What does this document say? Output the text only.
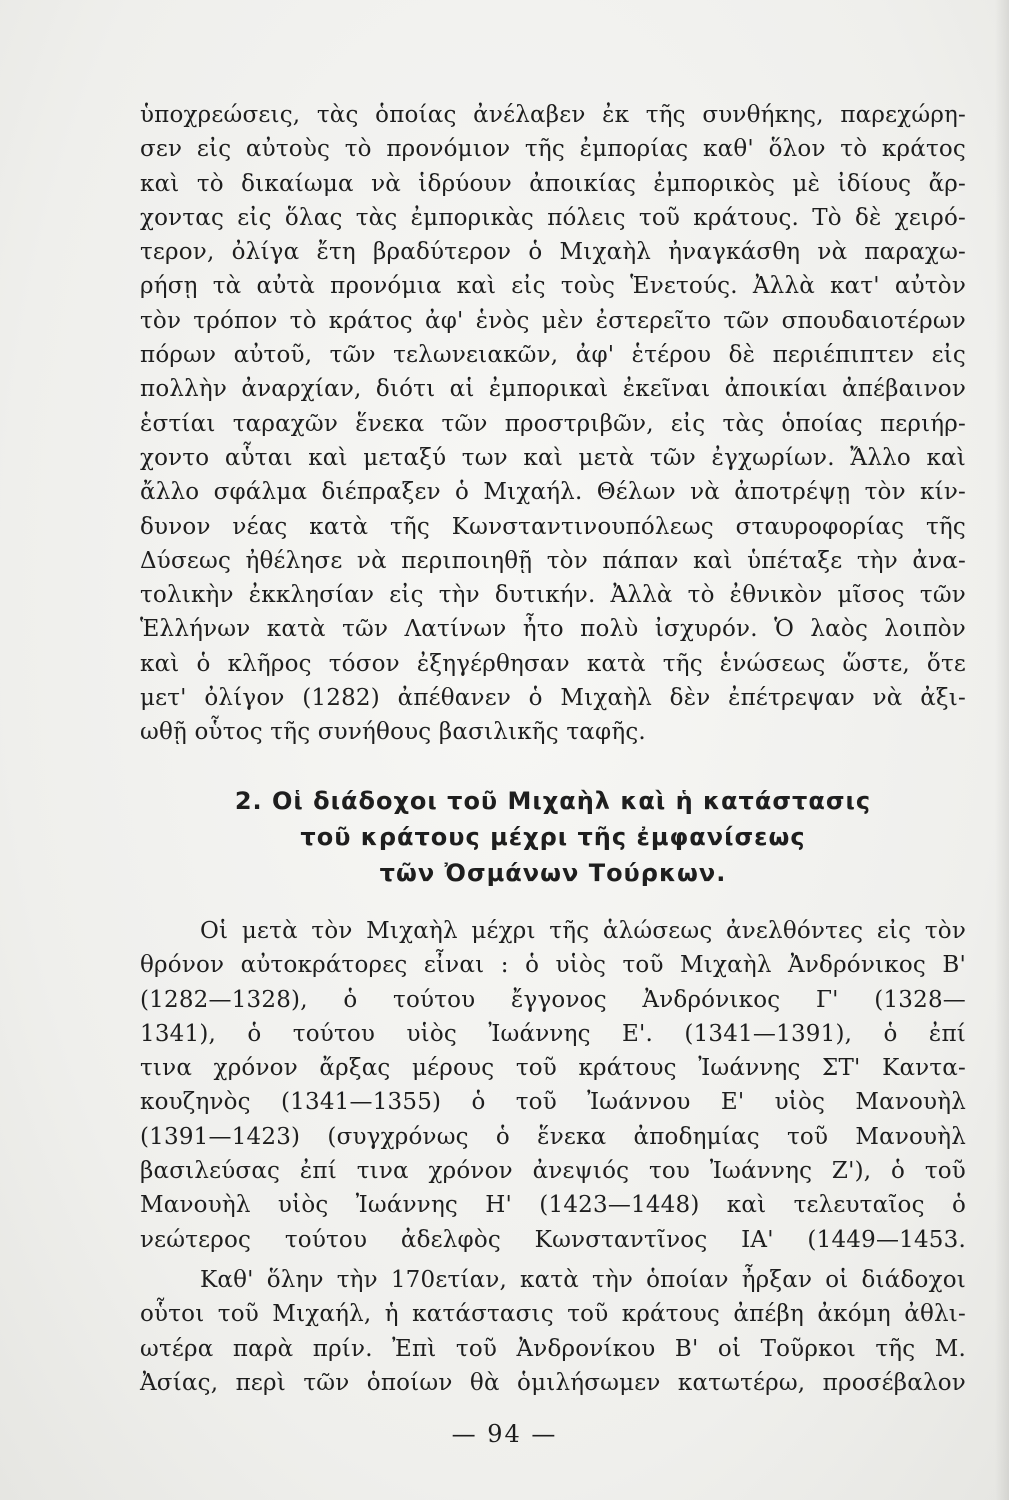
ὑποχρεώσεις, τὰς ὁποίας ἀνέλαβεν ἐκ τῆς συνθήκης, παρεχώρη-
σεν εἰς αὐτοὺς τὸ προνόμιον τῆς ἐμπορίας καθ' ὅλον τὸ κράτος
καὶ τὸ δικαίωμα νὰ ἱδρύουν ἀποικίας ἐμπορικὸς μὲ ἰδίους ἄρ-
χοντας εἰς ὅλας τὰς ἐμπορικὰς πόλεις τοῦ κράτους. Τὸ δὲ χειρό-
τερον, ὀλίγα ἔτη βραδύτερον ὁ Μιχαὴλ ἠναγκάσθη νὰ παραχω-
ρήσῃ τὰ αὐτὰ προνόμια καὶ εἰς τοὺς Ἑνετούς. Ἀλλὰ κατ' αὐτὸν
τὸν τρόπον τὸ κράτος ἀφ' ἑνὸς μὲν ἐστερεῖτο τῶν σπουδαιοτέρων
πόρων αὐτοῦ, τῶν τελωνειακῶν, ἀφ' ἑτέρου δὲ περιέπιπτεν εἰς
πολλὴν ἀναρχίαν, διότι αἱ ἐμπορικαὶ ἐκεῖναι ἀποικίαι ἀπέβαινον
ἑστίαι ταραχῶν ἕνεκα τῶν προστριβῶν, εἰς τὰς ὁποίας περιήρ-
χοντο αὗται καὶ μεταξύ των καὶ μετὰ τῶν ἐγχωρίων. Ἄλλο καὶ
ἄλλο σφάλμα διέπραξεν ὁ Μιχαήλ. Θέλων νὰ ἀποτρέψῃ τὸν κίν-
δυνον νέας κατὰ τῆς Κωνσταντινουπόλεως σταυροφορίας τῆς
Δύσεως ἠθέλησε νὰ περιποιηθῇ τὸν πάπαν καὶ ὑπέταξε τὴν ἀνα-
τολικὴν ἐκκλησίαν εἰς τὴν δυτικήν. Ἀλλὰ τὸ ἐθνικὸν μῖσος τῶν
Ἑλλήνων κατὰ τῶν Λατίνων ἦτο πολὺ ἰσχυρόν. Ὁ λαὸς λοιπὸν
καὶ ὁ κλῆρος τόσον ἐξηγέρθησαν κατὰ τῆς ἑνώσεως ὥστε, ὅτε
μετ' ὀλίγον (1282) ἀπέθανεν ὁ Μιχαὴλ δὲν ἐπέτρεψαν νὰ ἀξι-
ωθῇ οὗτος τῆς συνήθους βασιλικῆς ταφῆς.
2. Οἱ διάδοχοι τοῦ Μιχαὴλ καὶ ἡ κατάστασις
τοῦ κράτους μέχρι τῆς ἐμφανίσεως
τῶν Ὀσμάνων Τούρκων.
Οἱ μετὰ τὸν Μιχαὴλ μέχρι τῆς ἁλώσεως ἀνελθόντες εἰς τὸν
θρόνον αὐτοκράτορες εἶναι : ὁ υἱὸς τοῦ Μιχαὴλ Ἀνδρόνικος Β'
(1282—1328), ὁ τούτου ἔγγονος Ἀνδρόνικος Γ' (1328—
1341), ὁ τούτου υἱὸς Ἰωάννης Ε'. (1341—1391), ὁ ἐπί
τινα χρόνον ἄρξας μέρους τοῦ κράτους Ἰωάννης ΣΤ' Καντα-
κουζηνὸς (1341—1355) ὁ τοῦ Ἰωάννου Ε' υἱὸς Μανουὴλ
(1391—1423) (συγχρόνως ὁ ἕνεκα ἀποδημίας τοῦ Μανουὴλ
βασιλεύσας ἐπί τινα χρόνον ἀνεψιός του Ἰωάννης Ζ'), ὁ τοῦ
Μανουὴλ υἱὸς Ἰωάννης Η' (1423—1448) καὶ τελευταῖος ὁ
νεώτερος τούτου ἀδελφὸς Κωνσταντῖνος ΙΑ' (1449—1453.
Καθ' ὅλην τὴν 170ετίαν, κατὰ τὴν ὁποίαν ἦρξαν οἱ διάδοχοι
οὗτοι τοῦ Μιχαήλ, ἡ κατάστασις τοῦ κράτους ἀπέβη ἀκόμη ἀθλι-
ωτέρα παρὰ πρίν. Ἐπὶ τοῦ Ἀνδρονίκου Β' οἱ Τοῦρκοι τῆς Μ.
Ἀσίας, περὶ τῶν ὁποίων θὰ ὁμιλήσωμεν κατωτέρω, προσέβαλον
— 94 —
